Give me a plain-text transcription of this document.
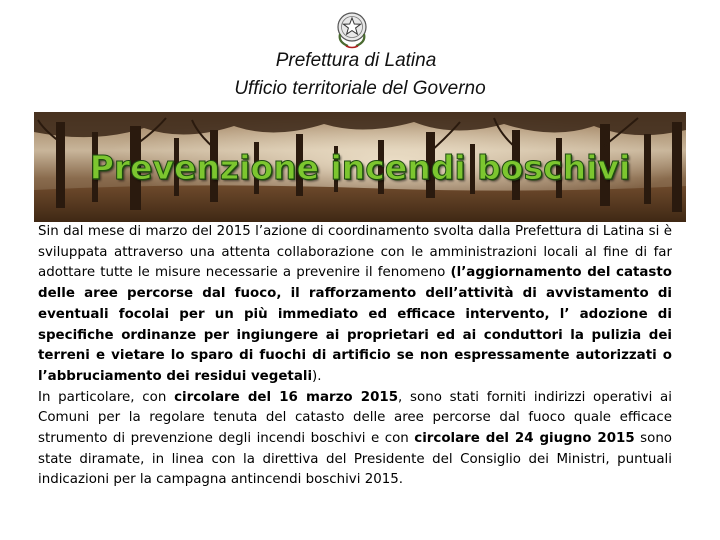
Prefettura di Latina
Ufficio territoriale del Governo
Prevenzione incendi boschivi

Sin dal mese di marzo del 2015 l’azione di coordinamento svolta dalla Prefettura di Latina si è sviluppata attraverso una attenta collaborazione con le amministrazioni locali al fine di far adottare tutte le misure necessarie a prevenire il fenomeno (l’aggiornamento del catasto delle aree percorse dal fuoco, il rafforzamento dell’attività di avvistamento di eventuali focolai per un più immediato ed efficace intervento, l’ adozione di specifiche ordinanze per ingiungere ai proprietari ed ai conduttori la pulizia dei terreni e vietare lo sparo di fuochi di artificio se non espressamente autorizzati o l’abbruciamento dei residui vegetali).

In particolare, con circolare del 16 marzo 2015, sono stati forniti indirizzi operativi ai Comuni per la regolare tenuta del catasto delle aree percorse dal fuoco quale efficace strumento di prevenzione degli incendi boschivi e con circolare del 24 giugno 2015 sono state diramate, in linea con la direttiva del Presidente del Consiglio dei Ministri, puntuali indicazioni per la campagna antincendi boschivi 2015.
